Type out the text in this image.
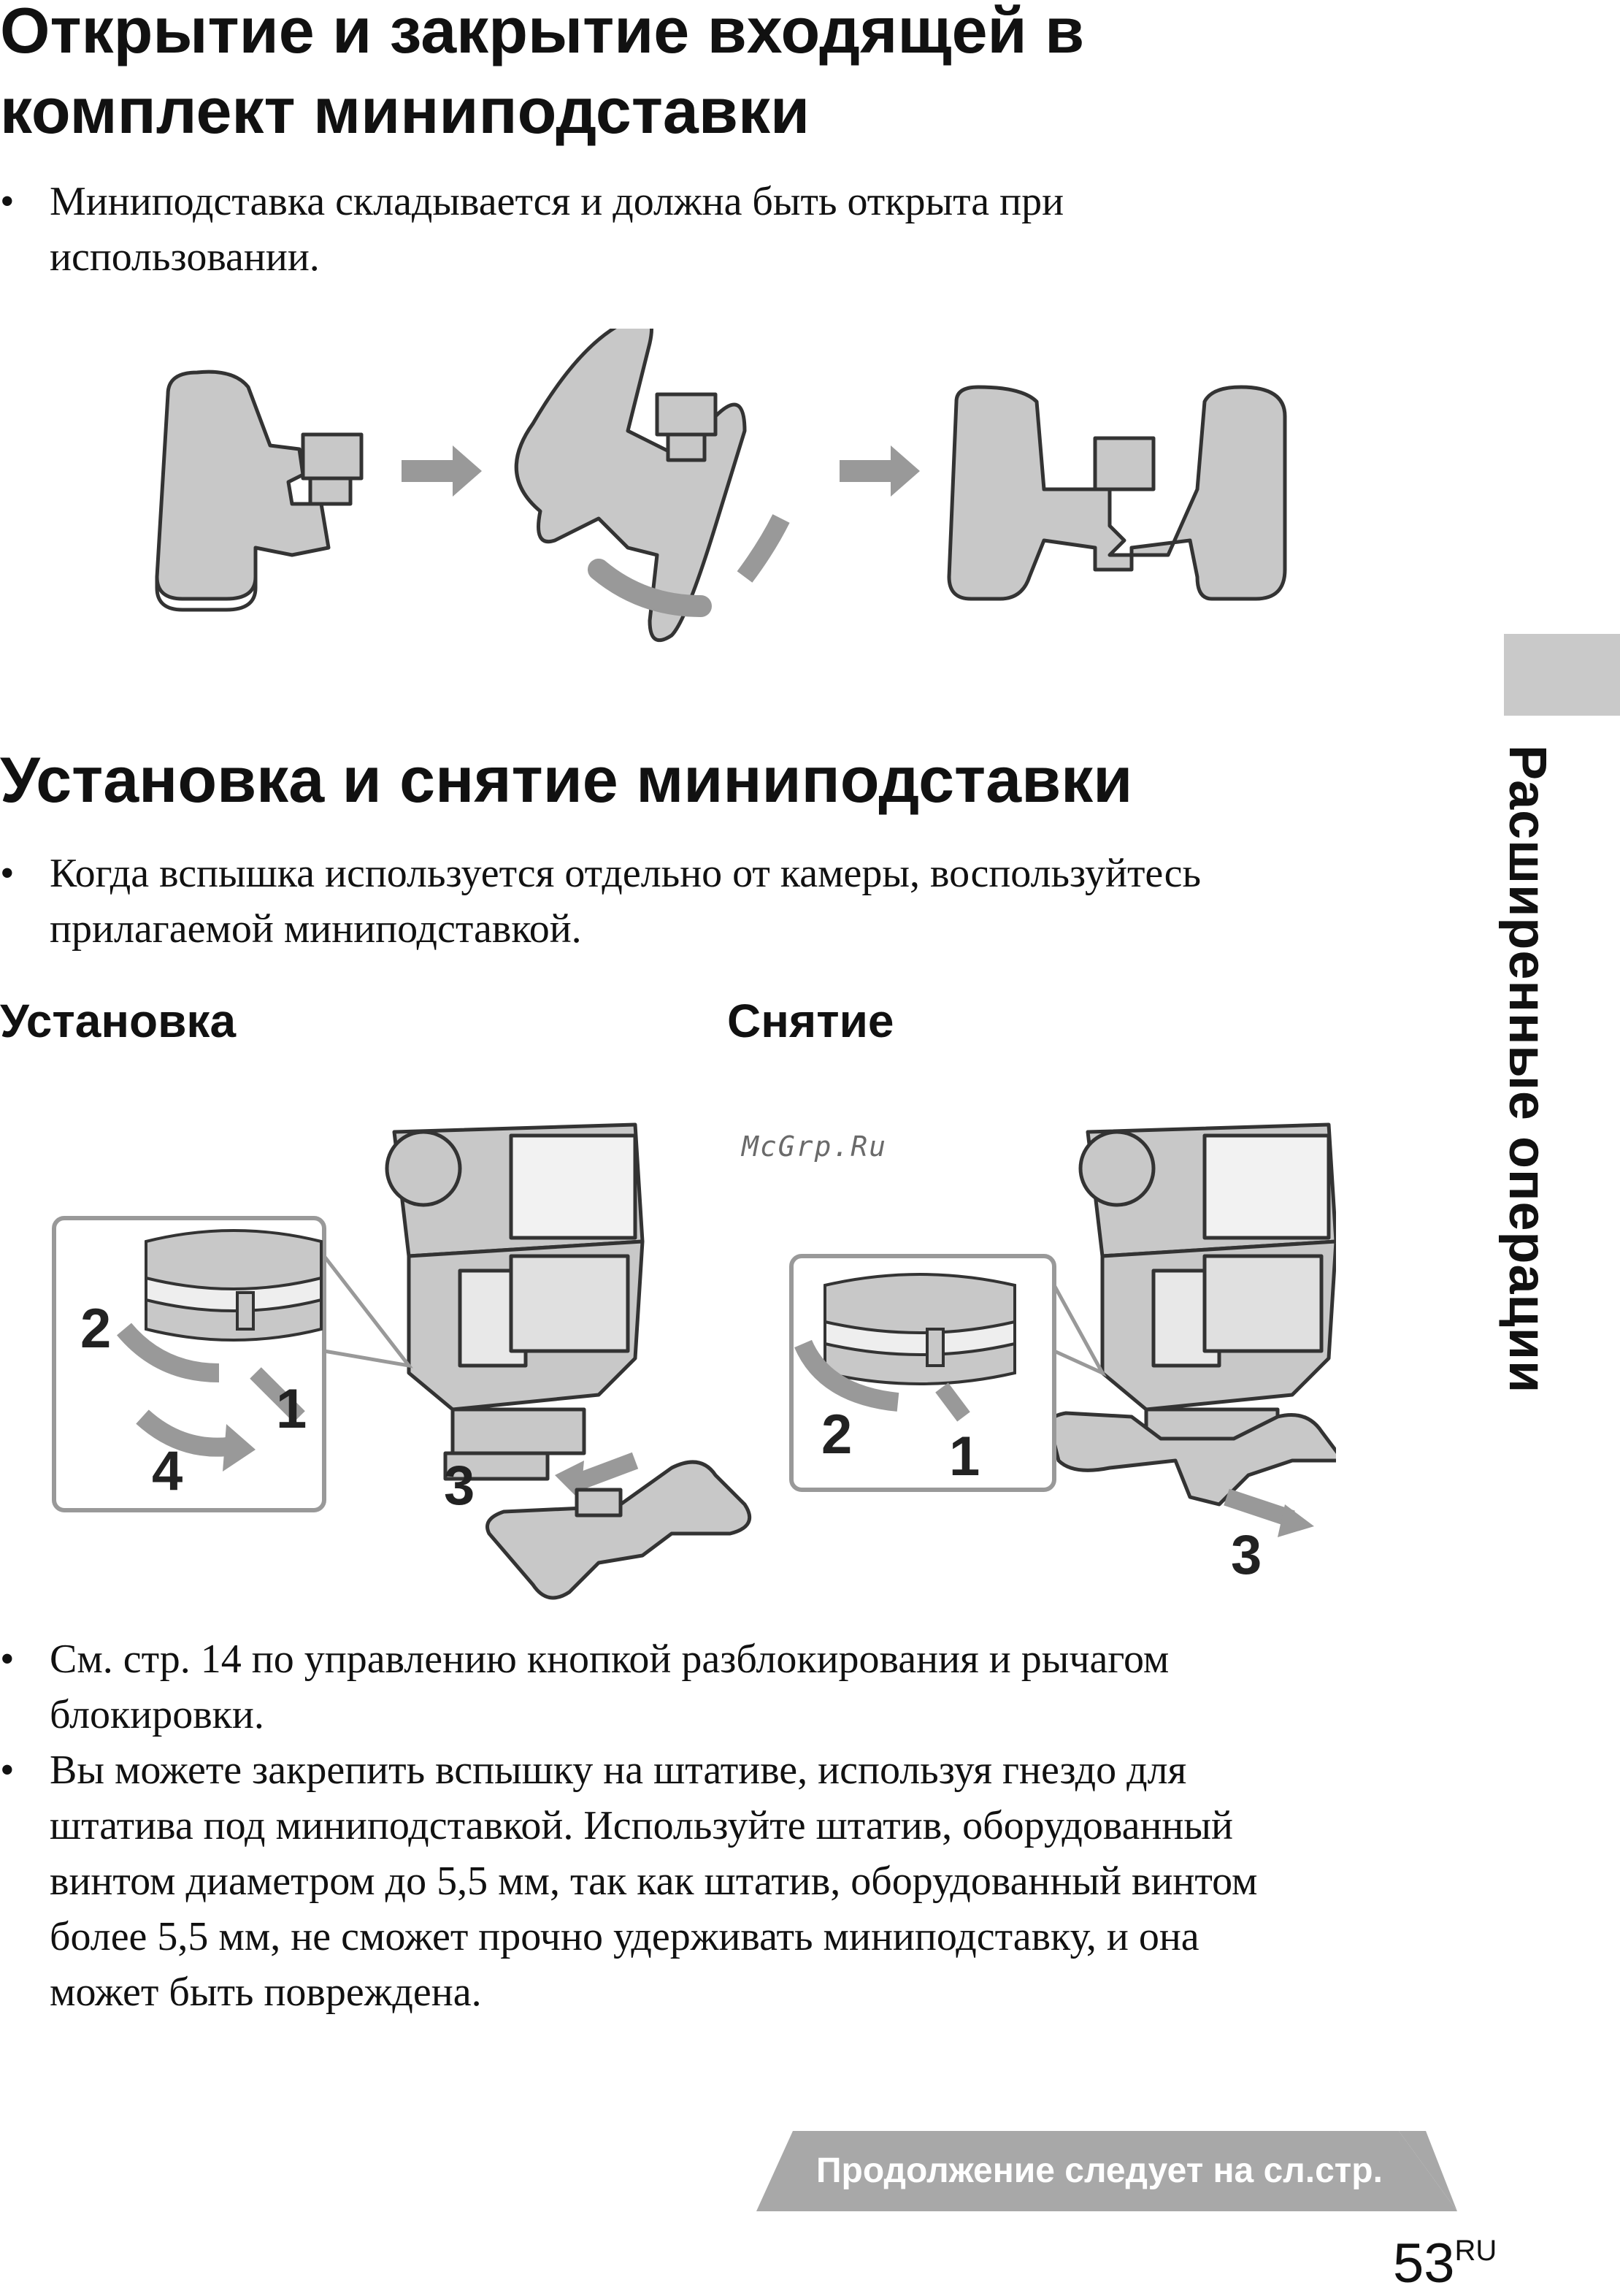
Открытие и закрытие входящей в
комплект миниподставки
• Миниподставка складывается и должна быть открыта при
использовании.
Установка и снятие миниподставки
• Когда вспышка используется отдельно от камеры, воспользуйтесь
прилагаемой миниподставкой.
Установка	Снятие
McGrp.Ru
2
1
4	3
2 1
3
• См. стр. 14 по управлению кнопкой разблокирования и рычагом
блокировки.
• Вы можете закрепить вспышку на штативе, используя гнездо для
штатива под миниподставкой. Используйте штатив, оборудованный
винтом диаметром до 5,5 мм, так как штатив, оборудованный винтом
более 5,5 мм, не сможет прочно удерживать миниподставку, и она
может быть повреждена.
Расширенные операции
Продолжение следует на сл.стр.
53RU
